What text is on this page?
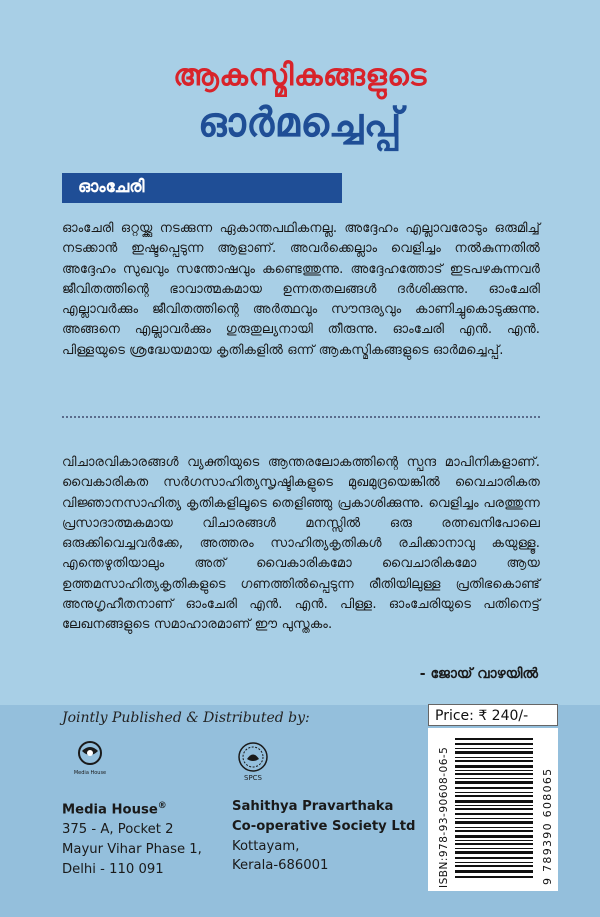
ആകസ്മികങ്ങളുടെ
ഓർമച്ചെപ്പ്
ഓംചേരി
ഓംചേരി ഒറ്റയ്ക്കു നടക്കുന്ന ഏകാന്തപഥികനല്ല. അദ്ദേഹം എല്ലാവരോടും ഒരുമിച്ച് നടക്കാൻ ഇഷ്ടപ്പെടുന്ന ആളാണ്. അവർക്കെല്ലാം വെളിച്ചം നൽകുന്നതിൽ അദ്ദേഹം സുഖവും സന്തോഷവും കണ്ടെത്തുന്നു. അദ്ദേഹത്തോട് ഇടപഴകുന്നവർ ജീവിതത്തിന്റെ ഭാവാത്മകമായ ഉന്നതതലങ്ങൾ ദർശിക്കുന്നു. ഓംചേരി എല്ലാവർക്കും ജീവിതത്തിന്റെ അർത്ഥവും സൗന്ദര്യവും കാണിച്ചുകൊടുക്കുന്നു. അങ്ങനെ എല്ലാവർക്കും ഗുരുതുല്യനായി തീരുന്നു. ഓംചേരി എൻ. എൻ. പിള്ളയുടെ ശ്രദ്ധേയമായ കൃതികളിൽ ഒന്ന് ആകസ്മികങ്ങളുടെ ഓർമച്ചെപ്പ്.
വിചാരവികാരങ്ങൾ വ്യക്തിയുടെ ആന്തരലോകത്തിന്റെ സ്പന്ദ മാപിനികളാണ്. വൈകാരികത സർഗസാഹിത്യസൃഷ്ടികളുടെ മുഖമുദ്രയെങ്കിൽ വൈചാരികത വിജ്ഞാനസാഹിത്യ കൃതികളിലൂടെ തെളിഞ്ഞു പ്രകാശിക്കുന്നു. വെളിച്ചം പരത്തുന്ന പ്രസാദാത്മകമായ വിചാരങ്ങൾ മനസ്സിൽ ഒരു രത്നഖനിപോലെ ഒരുക്കിവെച്ചവർക്കേ, അത്തരം സാഹിത്യകൃതികൾ രചിക്കാനാവു കയുള്ളൂ. എന്തെഴുതിയാലും അത് വൈകാരികമോ വൈചാരികമോ ആയ ഉത്തമസാഹിത്യകൃതികളുടെ ഗണത്തിൽപ്പെടുന്ന രീതിയിലുള്ള പ്രതിഭകൊണ്ട് അനുഗൃഹീതനാണ് ഓംചേരി എൻ. എൻ. പിള്ള. ഓംചേരിയുടെ പതിനെട്ട് ലേഖനങ്ങളുടെ സമാഹാരമാണ് ഈ പുസ്തകം.
- ജോയ് വാഴയിൽ
Jointly Published & Distributed by:	Price: ₹ 240/-
ISBN:978-93-90608-06-5	9 789390 608065
Media House
SPCS
Media House®
375 - A, Pocket 2
Mayur Vihar Phase 1,
Delhi - 110 091
Sahithya Pravarthaka
Co-operative Society Ltd
Kottayam,
Kerala-686001
